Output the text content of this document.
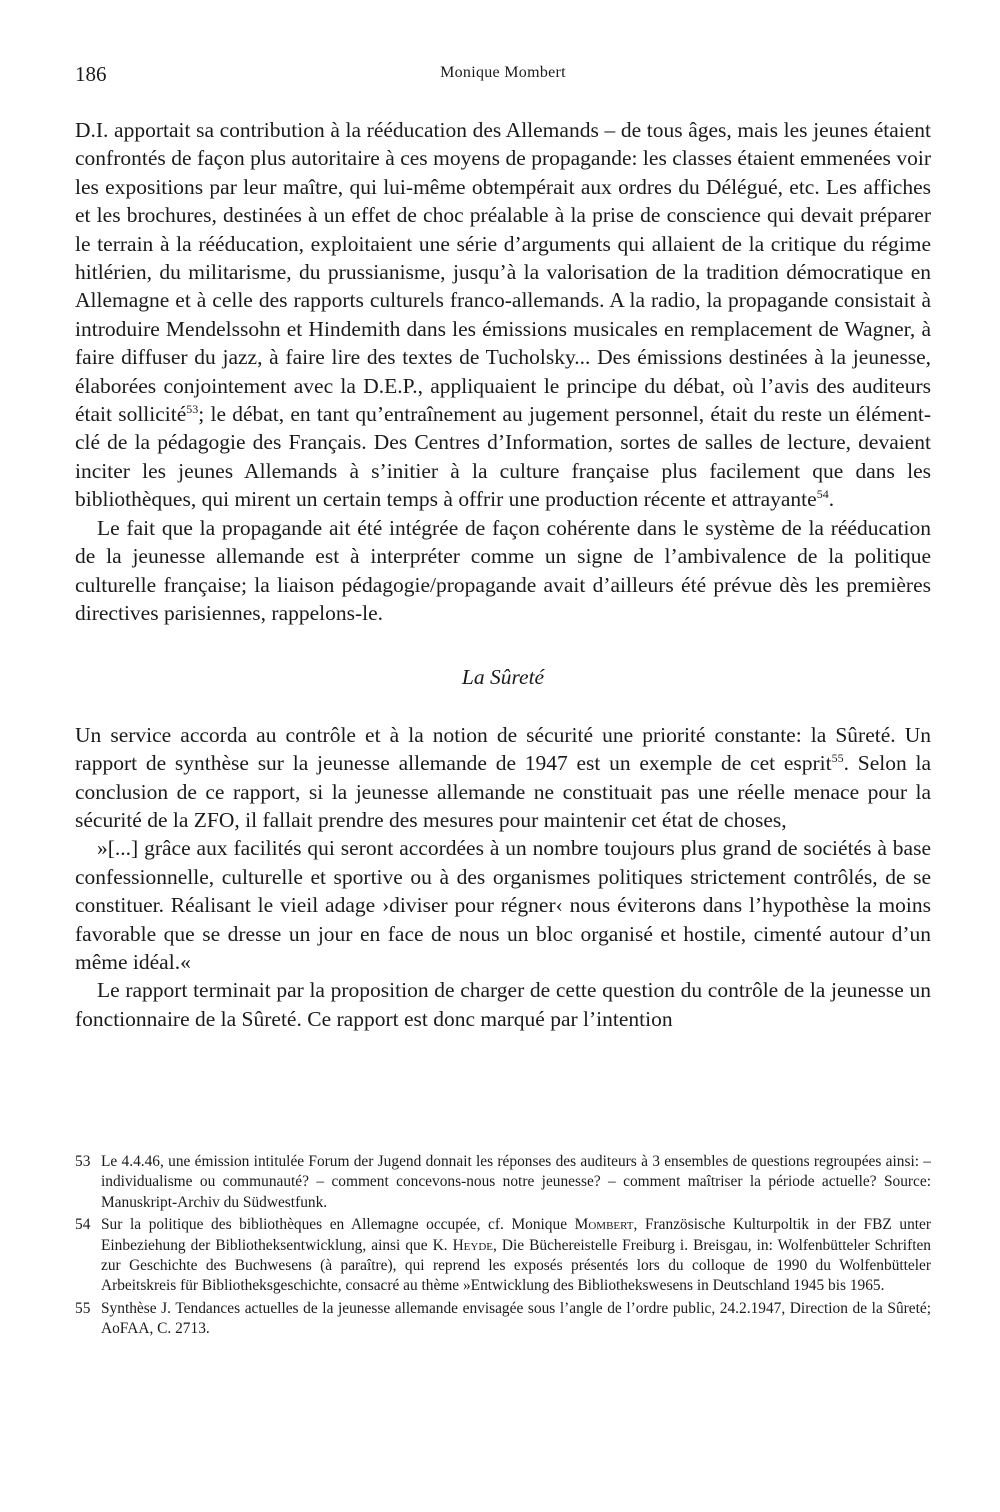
186	Monique Mombert

D.I. apportait sa contribution à la rééducation des Allemands – de tous âges, mais les jeunes étaient confrontés de façon plus autoritaire à ces moyens de propagande: les classes étaient emmenées voir les expositions par leur maître, qui lui-même obtempérait aux ordres du Délégué, etc. Les affiches et les brochures, destinées à un effet de choc préalable à la prise de conscience qui devait préparer le terrain à la rééducation, exploitaient une série d’arguments qui allaient de la critique du régime hitlérien, du militarisme, du prussianisme, jusqu’à la valorisation de la tradition démocratique en Allemagne et à celle des rapports culturels franco-allemands. A la radio, la propagande consistait à introduire Mendelssohn et Hindemith dans les émissions musicales en remplacement de Wagner, à faire diffuser du jazz, à faire lire des textes de Tucholsky... Des émissions destinées à la jeunesse, élaborées conjointement avec la D.E.P., appliquaient le principe du débat, où l’avis des auditeurs était sollicité$^{53}$; le débat, en tant qu’entraînement au jugement personnel, était du reste un élément-clé de la pédagogie des Français. Des Centres d’Information, sortes de salles de lecture, devaient inciter les jeunes Allemands à s’initier à la culture française plus facilement que dans les bibliothèques, qui mirent un certain temps à offrir une production récente et attrayante$^{54}$.

Le fait que la propagande ait été intégrée de façon cohérente dans le système de la rééducation de la jeunesse allemande est à interpréter comme un signe de l’ambivalence de la politique culturelle française; la liaison pédagogie/propagande avait d’ailleurs été prévue dès les premières directives parisiennes, rappelons-le.

La Sûreté

Un service accorda au contrôle et à la notion de sécurité une priorité constante: la Sûreté. Un rapport de synthèse sur la jeunesse allemande de 1947 est un exemple de cet esprit$^{55}$. Selon la conclusion de ce rapport, si la jeunesse allemande ne constituait pas une réelle menace pour la sécurité de la ZFO, il fallait prendre des mesures pour maintenir cet état de choses,

»[...] grâce aux facilités qui seront accordées à un nombre toujours plus grand de sociétés à base confessionnelle, culturelle et sportive ou à des organismes politiques strictement contrôlés, de se constituer. Réalisant le vieil adage ›diviser pour régner‹ nous éviterons dans l’hypothèse la moins favorable que se dresse un jour en face de nous un bloc organisé et hostile, cimenté autour d’un même idéal.«

Le rapport terminait par la proposition de charger de cette question du contrôle de la jeunesse un fonctionnaire de la Sûreté. Ce rapport est donc marqué par l’intention

53 Le 4.4.46, une émission intitulée Forum der Jugend donnait les réponses des auditeurs à 3 ensembles de questions regroupées ainsi: – individualisme ou communauté? – comment concevons-nous notre jeunesse? – comment maîtriser la période actuelle? Source: Manuskript-Archiv du Südwestfunk.
54 Sur la politique des bibliothèques en Allemagne occupée, cf. Monique Mombert, Französische Kulturpoltik in der FBZ unter Einbeziehung der Bibliotheksentwicklung, ainsi que K. Heyde, Die Büchereistelle Freiburg i. Breisgau, in: Wolfenbütteler Schriften zur Geschichte des Buchwesens (à paraître), qui reprend les exposés présentés lors du colloque de 1990 du Wolfenbütteler Arbeitskreis für Bibliotheksgeschichte, consacré au thème »Entwicklung des Bibliothekswesens in Deutschland 1945 bis 1965.
55 Synthèse J. Tendances actuelles de la jeunesse allemande envisagée sous l’angle de l’ordre public, 24.2.1947, Direction de la Sûreté; AoFAA, C. 2713.
